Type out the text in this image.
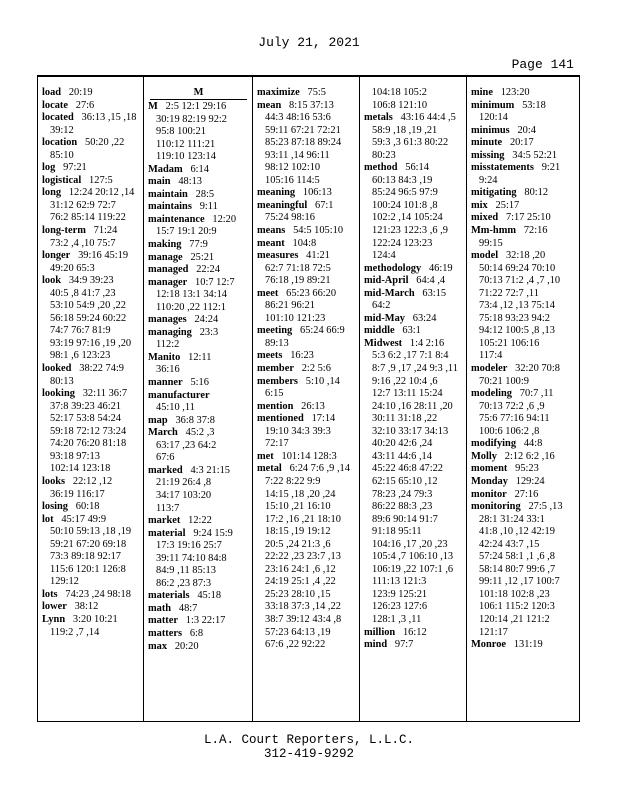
July 21, 2021
Page 141
load 20:19
locate 27:6
located 36:13 ,15 ,18
39:12
location 50:20 ,22
85:10
log 97:21
logistical 127:5
long 12:24 20:12 ,14
31:12 62:9 72:7
76:2 85:14 119:22
long-term 71:24
73:2 ,4 ,10 75:7
longer 39:16 45:19
49:20 65:3
look 34:9 39:23
40:5 ,8 41:7 ,23
53:10 54:9 ,20 ,22
56:18 59:24 60:22
74:7 76:7 81:9
93:19 97:16 ,19 ,20
98:1 ,6 123:23
looked 38:22 74:9
80:13
looking 32:11 36:7
37:8 39:23 46:21
52:17 53:8 54:24
59:18 72:12 73:24
74:20 76:20 81:18
93:18 97:13
102:14 123:18
looks 22:12 ,12
36:19 116:17
losing 60:18
lot 45:17 49:9
50:10 59:13 ,18 ,19
59:21 67:20 69:18
73:3 89:18 92:17
115:6 120:1 126:8
129:12
lots 74:23 ,24 98:18
lower 38:12
Lynn 3:20 10:21
119:2 ,7 ,14
M
M 2:5 12:1 29:16
30:19 82:19 92:2
95:8 100:21
110:12 111:21
119:10 123:14
Madam 6:14
main 48:13
maintain 28:5
maintains 9:11
maintenance 12:20
15:7 19:1 20:9
making 77:9
manage 25:21
managed 22:24
manager 10:7 12:7
12:18 13:1 34:14
110:20 ,22 112:1
manages 24:24
managing 23:3
112:2
Manito 12:11
36:16
manner 5:16
manufacturer
45:10 ,11
map 36:8 37:8
March 45:2 ,3
63:17 ,23 64:2
67:6
marked 4:3 21:15
21:19 26:4 ,8
34:17 103:20
113:7
market 12:22
material 9:24 15:9
17:3 19:16 25:7
39:11 74:10 84:8
84:9 ,11 85:13
86:2 ,23 87:3
materials 45:18
math 48:7
matter 1:3 22:17
matters 6:8
max 20:20
maximize 75:5
mean 8:15 37:13
44:3 48:16 53:6
59:11 67:21 72:21
85:23 87:18 89:24
93:11 ,14 96:11
98:12 102:10
105:16 114:5
meaning 106:13
meaningful 67:1
75:24 98:16
means 54:5 105:10
meant 104:8
measures 41:21
62:7 71:18 72:5
76:18 ,19 89:21
meet 65:23 66:20
86:21 96:21
101:10 121:23
meeting 65:24 66:9
89:13
meets 16:23
member 2:2 5:6
members 5:10 ,14
6:15
mention 26:13
mentioned 17:14
19:10 34:3 39:3
72:17
met 101:14 128:3
metal 6:24 7:6 ,9 ,14
7:22 8:22 9:9
14:15 ,18 ,20 ,24
15:10 ,21 16:10
17:2 ,16 ,21 18:10
18:15 ,19 19:12
20:5 ,24 21:3 ,6
22:22 ,23 23:7 ,13
23:16 24:1 ,6 ,12
24:19 25:1 ,4 ,22
25:23 28:10 ,15
33:18 37:3 ,14 ,22
38:7 39:12 43:4 ,8
57:23 64:13 ,19
67:6 ,22 92:22
104:18 105:2
106:8 121:10
metals 43:16 44:4 ,5
58:9 ,18 ,19 ,21
59:3 ,3 61:3 80:22
80:23
method 56:14
60:13 84:3 ,19
85:24 96:5 97:9
100:24 101:8 ,8
102:2 ,14 105:24
121:23 122:3 ,6 ,9
122:24 123:23
124:4
methodology 46:19
mid-April 64:4 ,4
mid-March 63:15
64:2
mid-May 63:24
middle 63:1
Midwest 1:4 2:16
5:3 6:2 ,17 7:1 8:4
8:7 ,9 ,17 ,24 9:3 ,11
9:16 ,22 10:4 ,6
12:7 13:11 15:24
24:10 ,16 28:11 ,20
30:11 31:18 ,22
32:10 33:17 34:13
40:20 42:6 ,24
43:11 44:6 ,14
45:22 46:8 47:22
62:15 65:10 ,12
78:23 ,24 79:3
86:22 88:3 ,23
89:6 90:14 91:7
91:18 95:11
104:16 ,17 ,20 ,23
105:4 ,7 106:10 ,13
106:19 ,22 107:1 ,6
111:13 121:3
123:9 125:21
126:23 127:6
128:1 ,3 ,11
million 16:12
mind 97:7
mine 123:20
minimum 53:18
120:14
minimus 20:4
minute 20:17
missing 34:5 52:21
misstatements 9:21
9:24
mitigating 80:12
mix 25:17
mixed 7:17 25:10
Mm-hmm 72:16
99:15
model 32:18 ,20
50:14 69:24 70:10
70:13 71:2 ,4 ,7 ,10
71:22 72:7 ,11
73:4 ,12 ,13 75:14
75:18 93:23 94:2
94:12 100:5 ,8 ,13
105:21 106:16
117:4
modeler 32:20 70:8
70:21 100:9
modeling 70:7 ,11
70:13 72:2 ,6 ,9
75:6 77:16 94:11
100:6 106:2 ,8
modifying 44:8
Molly 2:12 6:2 ,16
moment 95:23
Monday 129:24
monitor 27:16
monitoring 27:5 ,13
28:1 31:24 33:1
41:8 ,10 ,12 42:19
42:24 43:7 ,15
57:24 58:1 ,1 ,6 ,8
58:14 80:7 99:6 ,7
99:11 ,12 ,17 100:7
101:18 102:8 ,23
106:1 115:2 120:3
120:14 ,21 121:2
121:17
Monroe 131:19
L.A. Court Reporters, L.L.C.
312-419-9292
